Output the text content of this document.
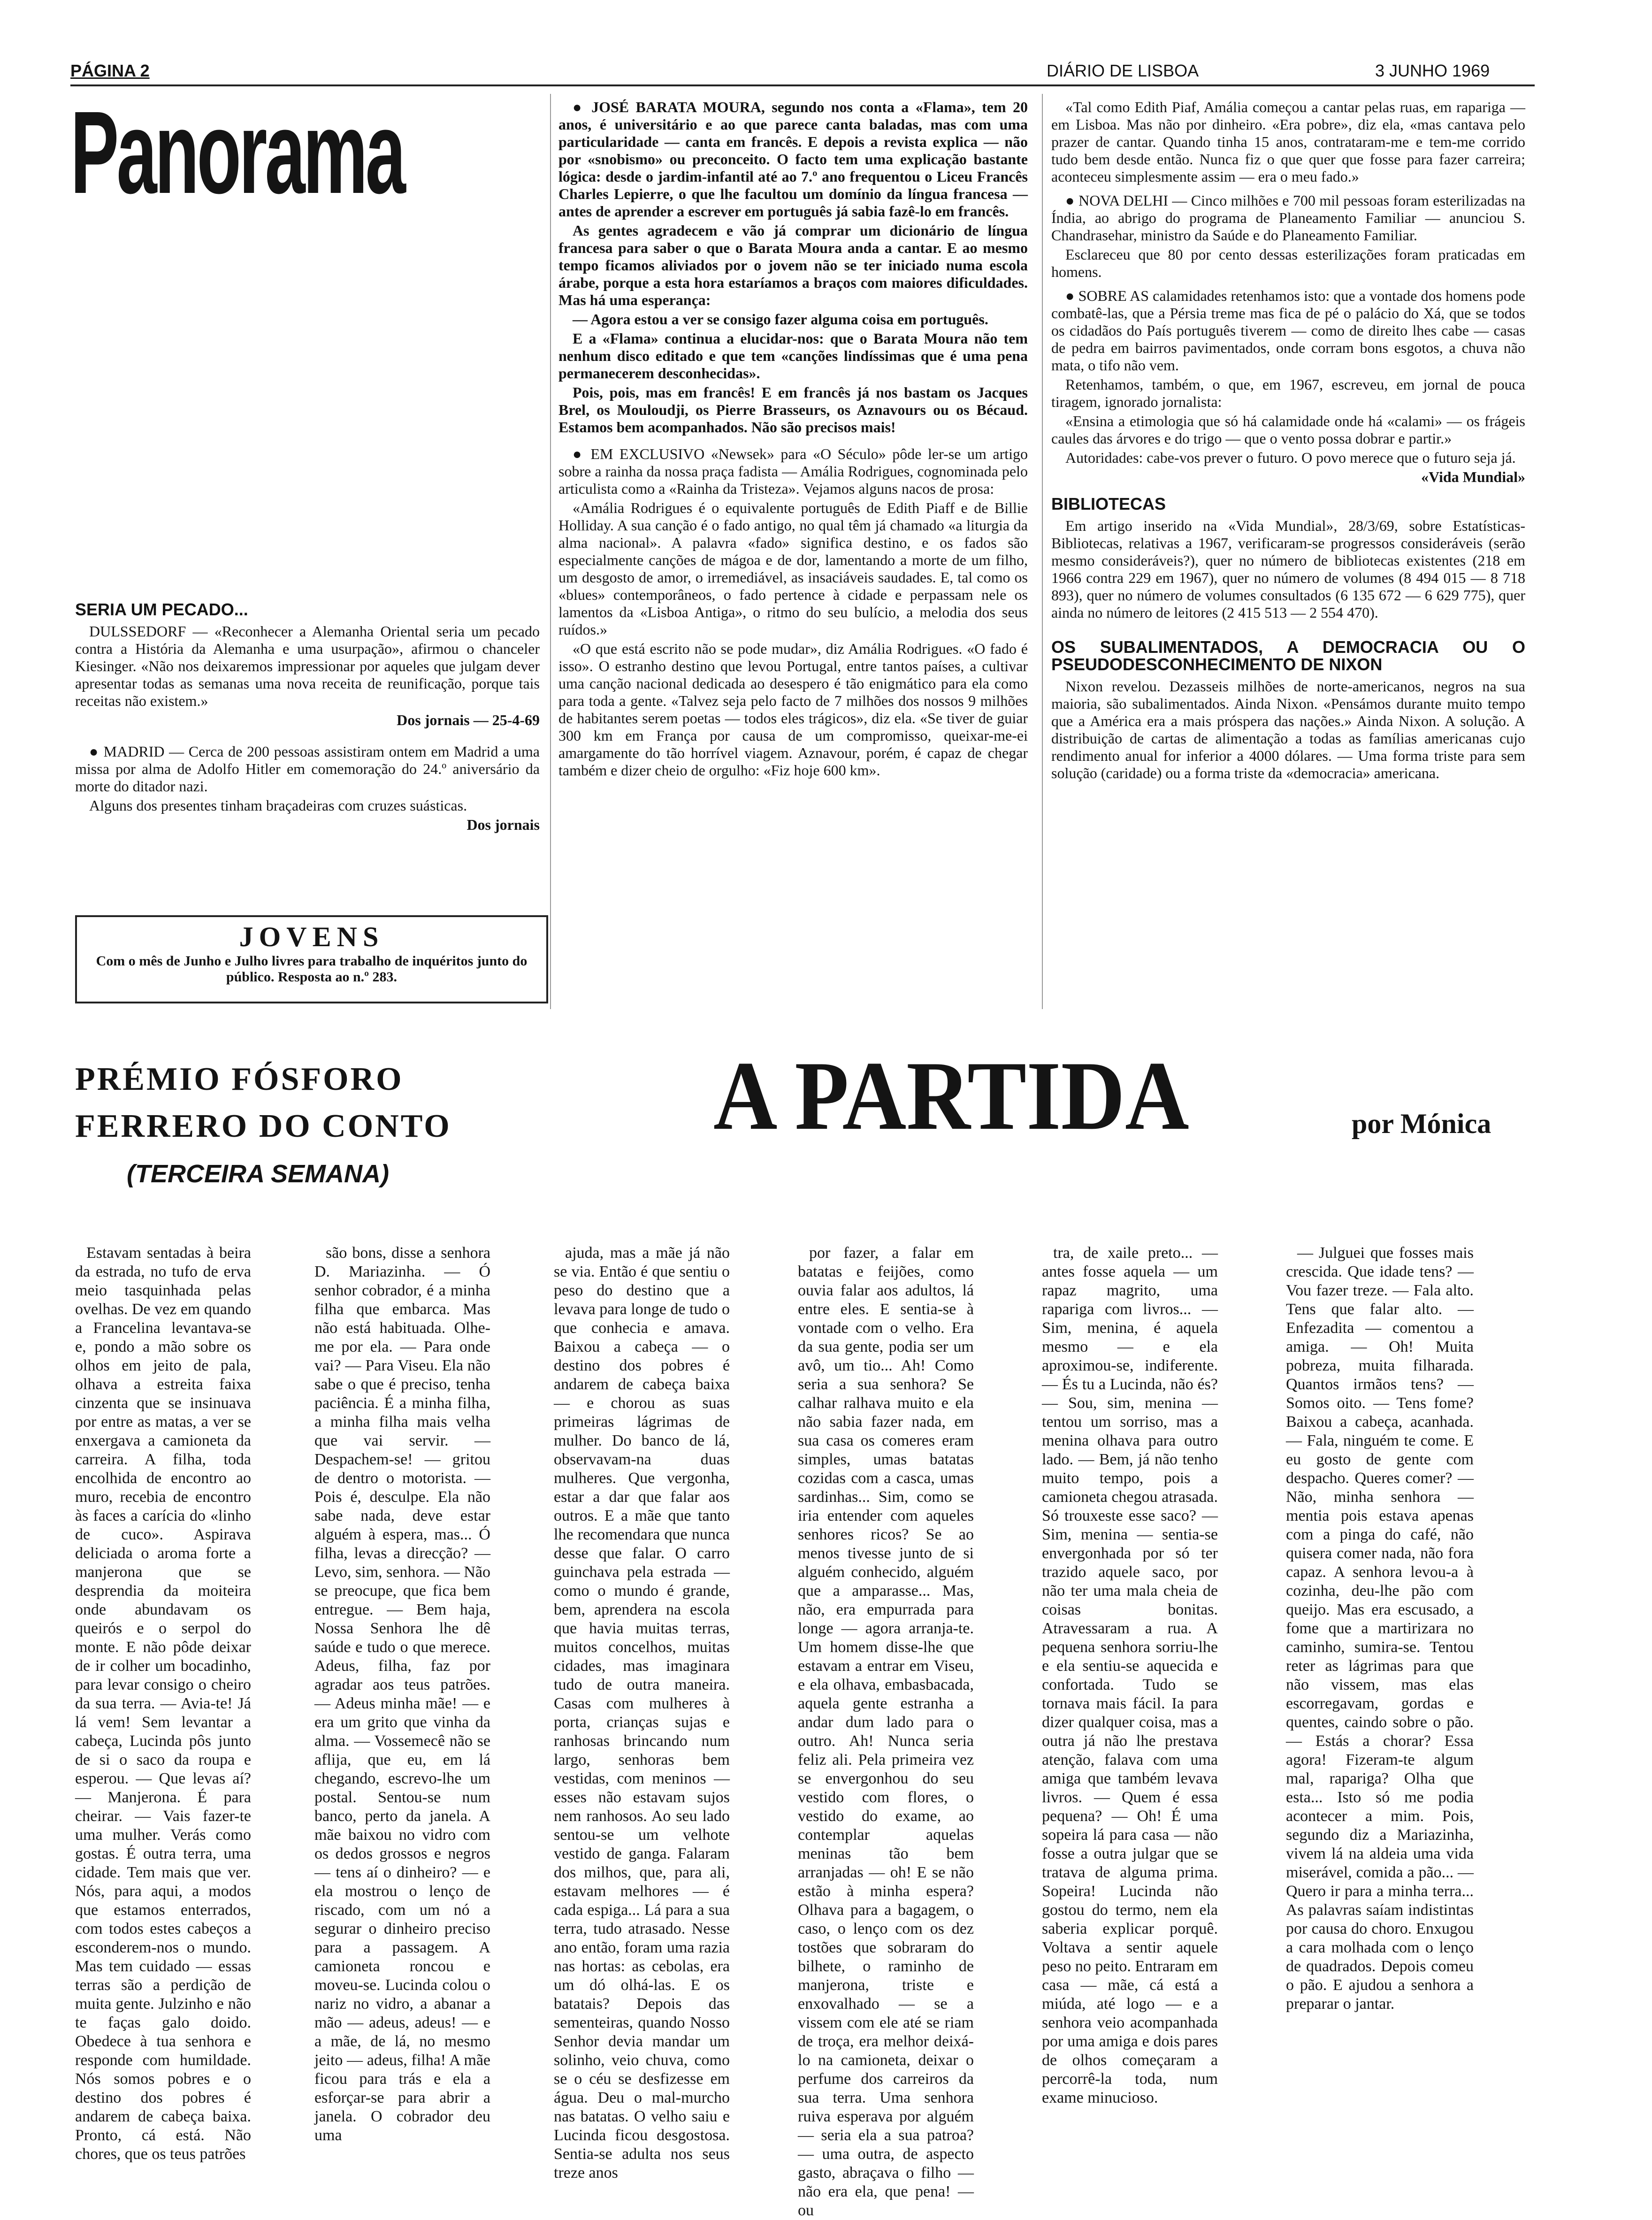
PÁGINA 2	DIÁRIO DE LISBOA	3 JUNHO 1969
Panorama
SERIA UM PECADO...

DULSSEDORF — «Reconhecer a Alemanha Oriental seria um pecado contra a História da Alemanha e uma usurpação», afirmou o chanceler Kiesinger. «Não nos deixaremos impressionar por aqueles que julgam dever apresentar todas as semanas uma nova receita de reunificação, porque tais receitas não existem.»

Dos jornais — 25-4-69

● MADRID — Cerca de 200 pessoas assistiram ontem em Madrid a uma missa por alma de Adolfo Hitler em comemoração do 24.º aniversário da morte do ditador nazi.

Alguns dos presentes tinham braçadeiras com cruzes suásticas.

Dos jornais

JOVENS
Com o mês de Junho e Julho livres para trabalho de inquéritos junto do público. Resposta ao n.º 283.

● JOSÉ BARATA MOURA, segundo nos conta a «Flama», tem 20 anos, é universitário e ao que parece canta baladas, mas com uma particularidade — canta em francês. E depois a revista explica — não por «snobismo» ou preconceito. O facto tem uma explicação bastante lógica: desde o jardim-infantil até ao 7.º ano frequentou o Liceu Francês Charles Lepierre, o que lhe facultou um domínio da língua francesa — antes de aprender a escrever em português já sabia fazê-lo em francês.

As gentes agradecem e vão já comprar um dicionário de língua francesa para saber o que o Barata Moura anda a cantar. E ao mesmo tempo ficamos aliviados por o jovem não se ter iniciado numa escola árabe, porque a esta hora estaríamos a braços com maiores dificuldades. Mas há uma esperança:

— Agora estou a ver se consigo fazer alguma coisa em português.

E a «Flama» continua a elucidar-nos: que o Barata Moura não tem nenhum disco editado e que tem «canções lindíssimas que é uma pena permanecerem desconhecidas».

Pois, pois, mas em francês! E em francês já nos bastam os Jacques Brel, os Mouloudji, os Pierre Brasseurs, os Aznavours ou os Bécaud. Estamos bem acompanhados. Não são precisos mais!

● EM EXCLUSIVO «Newsek» para «O Século» pôde ler-se um artigo sobre a rainha da nossa praça fadista — Amália Rodrigues, cognominada pelo articulista como a «Rainha da Tristeza». Vejamos alguns nacos de prosa:

«Amália Rodrigues é o equivalente português de Edith Piaff e de Billie Holliday. A sua canção é o fado antigo, no qual têm já chamado «a liturgia da alma nacional». A palavra «fado» significa destino, e os fados são especialmente canções de mágoa e de dor, lamentando a morte de um filho, um desgosto de amor, o irremediável, as insaciáveis saudades. E, tal como os «blues» contemporâneos, o fado pertence à cidade e perpassam nele os lamentos da «Lisboa Antiga», o ritmo do seu bulício, a melodia dos seus ruídos.»

«O que está escrito não se pode mudar», diz Amália Rodrigues. «O fado é isso». O estranho destino que levou Portugal, entre tantos países, a cultivar uma canção nacional dedicada ao desespero é tão enigmático para ela como para toda a gente. «Talvez seja pelo facto de 7 milhões dos nossos 9 milhões de habitantes serem poetas — todos eles trágicos», diz ela. «Se tiver de guiar 300 km em França por causa de um compromisso, queixar-me-ei amargamente do tão horrível viagem. Aznavour, porém, é capaz de chegar também e dizer cheio de orgulho: «Fiz hoje 600 km».

«Tal como Edith Piaf, Amália começou a cantar pelas ruas, em rapariga — em Lisboa. Mas não por dinheiro. «Era pobre», diz ela, «mas cantava pelo prazer de cantar. Quando tinha 15 anos, contrataram-me e tem-me corrido tudo bem desde então. Nunca fiz o que quer que fosse para fazer carreira; aconteceu simplesmente assim — era o meu fado.»

● NOVA DELHI — Cinco milhões e 700 mil pessoas foram esterilizadas na Índia, ao abrigo do programa de Planeamento Familiar — anunciou S. Chandrasehar, ministro da Saúde e do Planeamento Familiar.

Esclareceu que 80 por cento dessas esterilizações foram praticadas em homens.

● SOBRE AS calamidades retenhamos isto: que a vontade dos homens pode combatê-las, que a Pérsia treme mas fica de pé o palácio do Xá, que se todos os cidadãos do País português tiverem — como de direito lhes cabe — casas de pedra em bairros pavimentados, onde corram bons esgotos, a chuva não mata, o tifo não vem.

Retenhamos, também, o que, em 1967, escreveu, em jornal de pouca tiragem, ignorado jornalista:

«Ensina a etimologia que só há calamidade onde há «calami» — os frágeis caules das árvores e do trigo — que o vento possa dobrar e partir.»

Autoridades: cabe-vos prever o futuro. O povo merece que o futuro seja já.

«Vida Mundial»

BIBLIOTECAS

Em artigo inserido na «Vida Mundial», 28/3/69, sobre Estatísticas-Bibliotecas, relativas a 1967, verificaram-se progressos consideráveis (serão mesmo consideráveis?), quer no número de bibliotecas existentes (218 em 1966 contra 229 em 1967), quer no número de volumes (8 494 015 — 8 718 893), quer no número de volumes consultados (6 135 672 — 6 629 775), quer ainda no número de leitores (2 415 513 — 2 554 470).

OS SUBALIMENTADOS, A DEMOCRACIA OU O PSEUDODESCONHECIMENTO DE NIXON

Nixon revelou. Dezasseis milhões de norte-americanos, negros na sua maioria, são subalimentados. Ainda Nixon. «Pensámos durante muito tempo que a América era a mais próspera das nações.» Ainda Nixon. A solução. A distribuição de cartas de alimentação a todas as famílias americanas cujo rendimento anual for inferior a 4000 dólares. — Uma forma triste para sem solução (caridade) ou a forma triste da «democracia» americana.

PRÉMIO FÓSFORO
FERRERO DO CONTO
(TERCEIRA SEMANA)
A PARTIDA	por Mónica

Estavam sentadas à beira da estrada, no tufo de erva meio tasquinhada pelas ovelhas. De vez em quando a Francelina levantava-se e, pondo a mão sobre os olhos em jeito de pala, olhava a estreita faixa cinzenta que se insinuava por entre as matas, a ver se enxergava a camioneta da carreira. A filha, toda encolhida de encontro ao muro, recebia de encontro às faces a carícia do «linho de cuco». Aspirava deliciada o aroma forte a manjerona que se desprendia da moiteira onde abundavam os queirós e o serpol do monte. E não pôde deixar de ir colher um bocadinho, para levar consigo o cheiro da sua terra. — Avia-te! Já lá vem! Sem levantar a cabeça, Lucinda pôs junto de si o saco da roupa e esperou. — Que levas aí? — Manjerona. É para cheirar. — Vais fazer-te uma mulher. Verás como gostas. É outra terra, uma cidade. Tem mais que ver. Nós, para aqui, a modos que estamos enterrados, com todos estes cabeços a esconderem-nos o mundo. Mas tem cuidado — essas terras são a perdição de muita gente. Julzinho e não te faças galo doido. Obedece à tua senhora e responde com humildade. Nós somos pobres e o destino dos pobres é andarem de cabeça baixa. Pronto, cá está. Não chores, que os teus patrões

são bons, disse a senhora D. Mariazinha. — Ó senhor cobrador, é a minha filha que embarca. Mas não está habituada. Olhe-me por ela. — Para onde vai? — Para Viseu. Ela não sabe o que é preciso, tenha paciência. É a minha filha, a minha filha mais velha que vai servir. — Despachem-se! — gritou de dentro o motorista. — Pois é, desculpe. Ela não sabe nada, deve estar alguém à espera, mas... Ó filha, levas a direcção? — Levo, sim, senhora. — Não se preocupe, que fica bem entregue. — Bem haja, Nossa Senhora lhe dê saúde e tudo o que merece. Adeus, filha, faz por agradar aos teus patrões. — Adeus minha mãe! — e era um grito que vinha da alma. — Vossemecê não se aflija, que eu, em lá chegando, escrevo-lhe um postal. Sentou-se num banco, perto da janela. A mãe baixou no vidro com os dedos grossos e negros — tens aí o dinheiro? — e ela mostrou o lenço de riscado, com um nó a segurar o dinheiro preciso para a passagem. A camioneta roncou e moveu-se. Lucinda colou o nariz no vidro, a abanar a mão — adeus, adeus! — e a mãe, de lá, no mesmo jeito — adeus, filha! A mãe ficou para trás e ela a esforçar-se para abrir a janela. O cobrador deu uma

ajuda, mas a mãe já não se via. Então é que sentiu o peso do destino que a levava para longe de tudo o que conhecia e amava. Baixou a cabeça — o destino dos pobres é andarem de cabeça baixa — e chorou as suas primeiras lágrimas de mulher. Do banco de lá, observavam-na duas mulheres. Que vergonha, estar a dar que falar aos outros. E a mãe que tanto lhe recomendara que nunca desse que falar. O carro guinchava pela estrada — como o mundo é grande, bem, aprendera na escola que havia muitas terras, muitos concelhos, muitas cidades, mas imaginara tudo de outra maneira. Casas com mulheres à porta, crianças sujas e ranhosas brincando num largo, senhoras bem vestidas, com meninos — esses não estavam sujos nem ranhosos. Ao seu lado sentou-se um velhote vestido de ganga. Falaram dos milhos, que, para ali, estavam melhores — é cada espiga... Lá para a sua terra, tudo atrasado. Nesse ano então, foram uma razia nas hortas: as cebolas, era um dó olhá-las. E os batatais? Depois das sementeiras, quando Nosso Senhor devia mandar um solinho, veio chuva, como se o céu se desfizesse em água. Deu o mal-murcho nas batatas. O velho saiu e Lucinda ficou desgostosa. Sentia-se adulta nos seus treze anos

por fazer, a falar em batatas e feijões, como ouvia falar aos adultos, lá entre eles. E sentia-se à vontade com o velho. Era da sua gente, podia ser um avô, um tio... Ah! Como seria a sua senhora? Se calhar ralhava muito e ela não sabia fazer nada, em sua casa os comeres eram simples, umas batatas cozidas com a casca, umas sardinhas... Sim, como se iria entender com aqueles senhores ricos? Se ao menos tivesse junto de si alguém conhecido, alguém que a amparasse... Mas, não, era empurrada para longe — agora arranja-te. Um homem disse-lhe que estavam a entrar em Viseu, e ela olhava, embasbacada, aquela gente estranha a andar dum lado para o outro. Ah! Nunca seria feliz ali. Pela primeira vez se envergonhou do seu vestido com flores, o vestido do exame, ao contemplar aquelas meninas tão bem arranjadas — oh! E se não estão à minha espera? Olhava para a bagagem, o caso, o lenço com os dez tostões que sobraram do bilhete, o raminho de manjerona, triste e enxovalhado — se a vissem com ele até se riam de troça, era melhor deixá-lo na camioneta, deixar o perfume dos carreiros da sua terra. Uma senhora ruiva esperava por alguém — seria ela a sua patroa? — uma outra, de aspecto gasto, abraçava o filho — não era ela, que pena! — ou

tra, de xaile preto... — antes fosse aquela — um rapaz magrito, uma rapariga com livros... — Sim, menina, é aquela mesmo — e ela aproximou-se, indiferente. — És tu a Lucinda, não és? — Sou, sim, menina — tentou um sorriso, mas a menina olhava para outro lado. — Bem, já não tenho muito tempo, pois a camioneta chegou atrasada. Só trouxeste esse saco? — Sim, menina — sentia-se envergonhada por só ter trazido aquele saco, por não ter uma mala cheia de coisas bonitas. Atravessaram a rua. A pequena senhora sorriu-lhe e ela sentiu-se aquecida e confortada. Tudo se tornava mais fácil. Ia para dizer qualquer coisa, mas a outra já não lhe prestava atenção, falava com uma amiga que também levava livros. — Quem é essa pequena? — Oh! É uma sopeira lá para casa — não fosse a outra julgar que se tratava de alguma prima. Sopeira! Lucinda não gostou do termo, nem ela saberia explicar porquê. Voltava a sentir aquele peso no peito. Entraram em casa — mãe, cá está a miúda, até logo — e a senhora veio acompanhada por uma amiga e dois pares de olhos começaram a percorrê-la toda, num exame minucioso.

— Julguei que fosses mais crescida. Que idade tens? — Vou fazer treze. — Fala alto. Tens que falar alto. — Enfezadita — comentou a amiga. — Oh! Muita pobreza, muita filharada. Quantos irmãos tens? — Somos oito. — Tens fome? Baixou a cabeça, acanhada. — Fala, ninguém te come. E eu gosto de gente com despacho. Queres comer? — Não, minha senhora — mentia pois estava apenas com a pinga do café, não quisera comer nada, não fora capaz. A senhora levou-a à cozinha, deu-lhe pão com queijo. Mas era escusado, a fome que a martirizara no caminho, sumira-se. Tentou reter as lágrimas para que não vissem, mas elas escorregavam, gordas e quentes, caindo sobre o pão. — Estás a chorar? Essa agora! Fizeram-te algum mal, rapariga? Olha que esta... Isto só me podia acontecer a mim. Pois, segundo diz a Mariazinha, vivem lá na aldeia uma vida miserável, comida a pão... — Quero ir para a minha terra... As palavras saíam indistintas por causa do choro. Enxugou a cara molhada com o lenço de quadrados. Depois comeu o pão. E ajudou a senhora a preparar o jantar.
